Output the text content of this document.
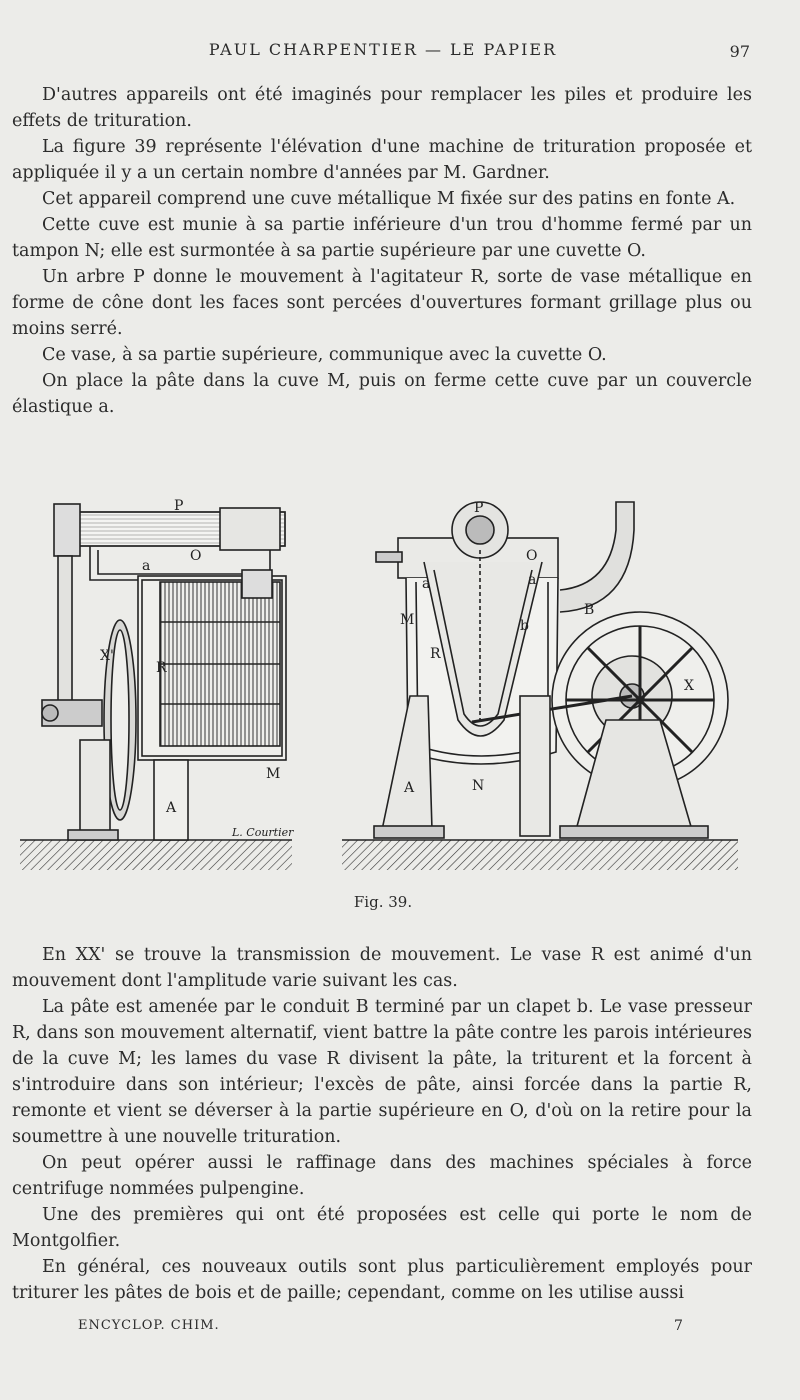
PAUL CHARPENTIER — LE PAPIER	97

D'autres appareils ont été imaginés pour remplacer les piles et produire les effets de trituration.

La figure 39 représente l'élévation d'une machine de trituration proposée et appliquée il y a un certain nombre d'années par M. Gardner.

Cet appareil comprend une cuve métallique M fixée sur des patins en fonte A.

Cette cuve est munie à sa partie inférieure d'un trou d'homme fermé par un tampon N; elle est surmontée à sa partie supérieure par une cuvette O.

Un arbre P donne le mouvement à l'agitateur R, sorte de vase métallique en forme de cône dont les faces sont percées d'ouvertures formant grillage plus ou moins serré.

Ce vase, à sa partie supérieure, communique avec la cuvette O.

On place la pâte dans la cuve M, puis on ferme cette cuve par un couvercle élastique a.

P
O
a
X'
R
M
A
L. Courtier
P
O
a	a
M	b
B
R
X
A	N
Fig. 39.

En XX' se trouve la transmission de mouvement. Le vase R est animé d'un mouvement dont l'amplitude varie suivant les cas.

La pâte est amenée par le conduit B terminé par un clapet b. Le vase presseur R, dans son mouvement alternatif, vient battre la pâte contre les parois intérieures de la cuve M; les lames du vase R divisent la pâte, la triturent et la forcent à s'introduire dans son intérieur; l'excès de pâte, ainsi forcée dans la partie R, remonte et vient se déverser à la partie supérieure en O, d'où on la retire pour la soumettre à une nouvelle trituration.

On peut opérer aussi le raffinage dans des machines spéciales à force centrifuge nommées pulpengine.

Une des premières qui ont été proposées est celle qui porte le nom de Montgolfier.

En général, ces nouveaux outils sont plus particulièrement employés pour triturer les pâtes de bois et de paille; cependant, comme on les utilise aussi

ENCYCLOP. CHIM.	7
